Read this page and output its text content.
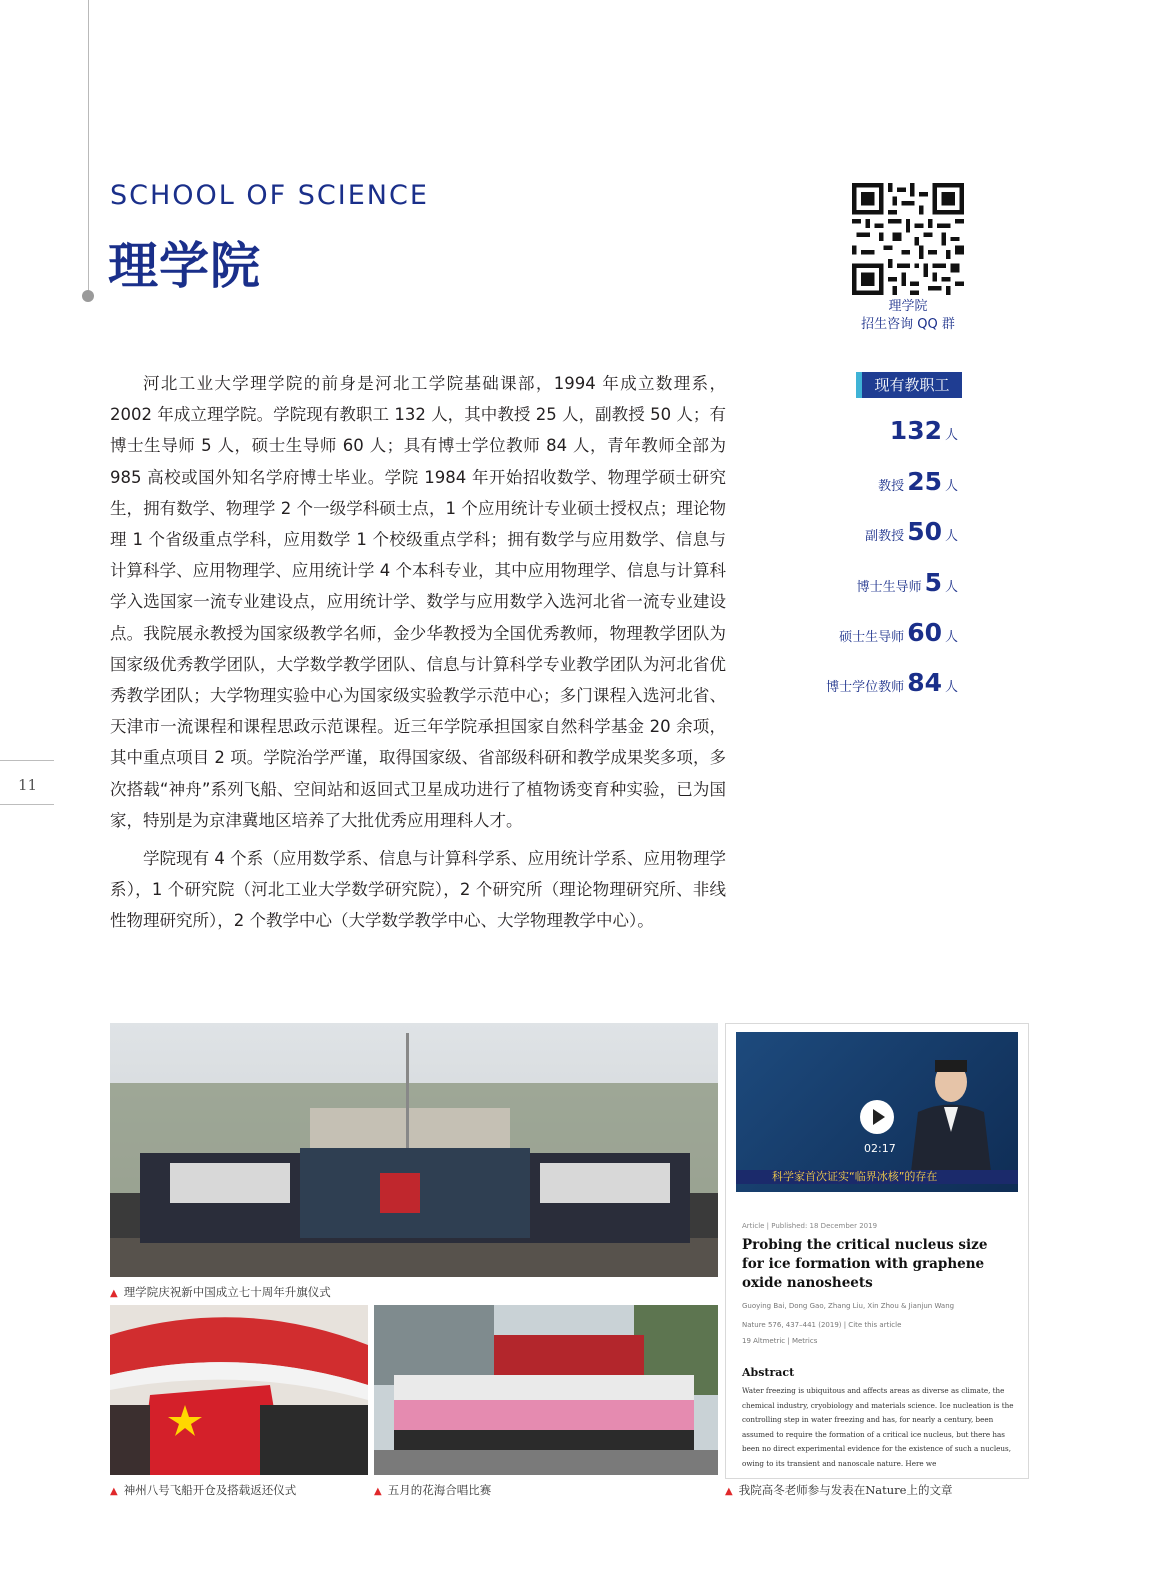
11
SCHOOL OF SCIENCE
理学院
理学院
招生咨询 QQ 群

河北工业大学理学院的前身是河北工学院基础课部，1994 年成立数理系，2002 年成立理学院。学院现有教职工 132 人，其中教授 25 人，副教授 50 人；有博士生导师 5 人，硕士生导师 60 人；具有博士学位教师 84 人，青年教师全部为 985 高校或国外知名学府博士毕业。学院 1984 年开始招收数学、物理学硕士研究生，拥有数学、物理学 2 个一级学科硕士点，1 个应用统计专业硕士授权点；理论物理 1 个省级重点学科，应用数学 1 个校级重点学科；拥有数学与应用数学、信息与计算科学、应用物理学、应用统计学 4 个本科专业，其中应用物理学、信息与计算科学入选国家一流专业建设点，应用统计学、数学与应用数学入选河北省一流专业建设点。我院展永教授为国家级教学名师，金少华教授为全国优秀教师，物理教学团队为国家级优秀教学团队，大学数学教学团队、信息与计算科学专业教学团队为河北省优秀教学团队；大学物理实验中心为国家级实验教学示范中心；多门课程入选河北省、天津市一流课程和课程思政示范课程。近三年学院承担国家自然科学基金 20 余项，其中重点项目 2 项。学院治学严谨，取得国家级、省部级科研和教学成果奖多项，多次搭载“神舟”系列飞船、空间站和返回式卫星成功进行了植物诱变育种实验，已为国家，特别是为京津冀地区培养了大批优秀应用理科人才。

学院现有 4 个系（应用数学系、信息与计算科学系、应用统计学系、应用物理学系），1 个研究院（河北工业大学数学研究院），2 个研究所（理论物理研究所、非线性物理研究所），2 个教学中心（大学数学教学中心、大学物理教学中心）。

现有教职工
132 人
教授 25 人
副教授 50 人
博士生导师 5 人
硕士生导师 60 人
博士学位教师 84 人
▲ 理学院庆祝新中国成立七十周年升旗仪式
▲ 神州八号飞船开仓及搭载返还仪式	▲ 五月的花海合唱比赛
02:17
科学家首次证实“临界冰核”的存在
Article | Published: 18 December 2019
Probing the critical nucleus size for ice formation with graphene oxide nanosheets
Guoying Bai, Dong Gao, Zhang Liu, Xin Zhou & Jianjun Wang
Nature 576, 437–441 (2019) | Cite this article
19 Altmetric | Metrics
Abstract
Water freezing is ubiquitous and affects areas as diverse as climate, the chemical industry, cryobiology and materials science. Ice nucleation is the controlling step in water freezing and has, for nearly a century, been assumed to require the formation of a critical ice nucleus, but there has been no direct experimental evidence for the existence of such a nucleus, owing to its transient and nanoscale nature. Here we
▲ 我院高冬老师参与发表在Nature上的文章
